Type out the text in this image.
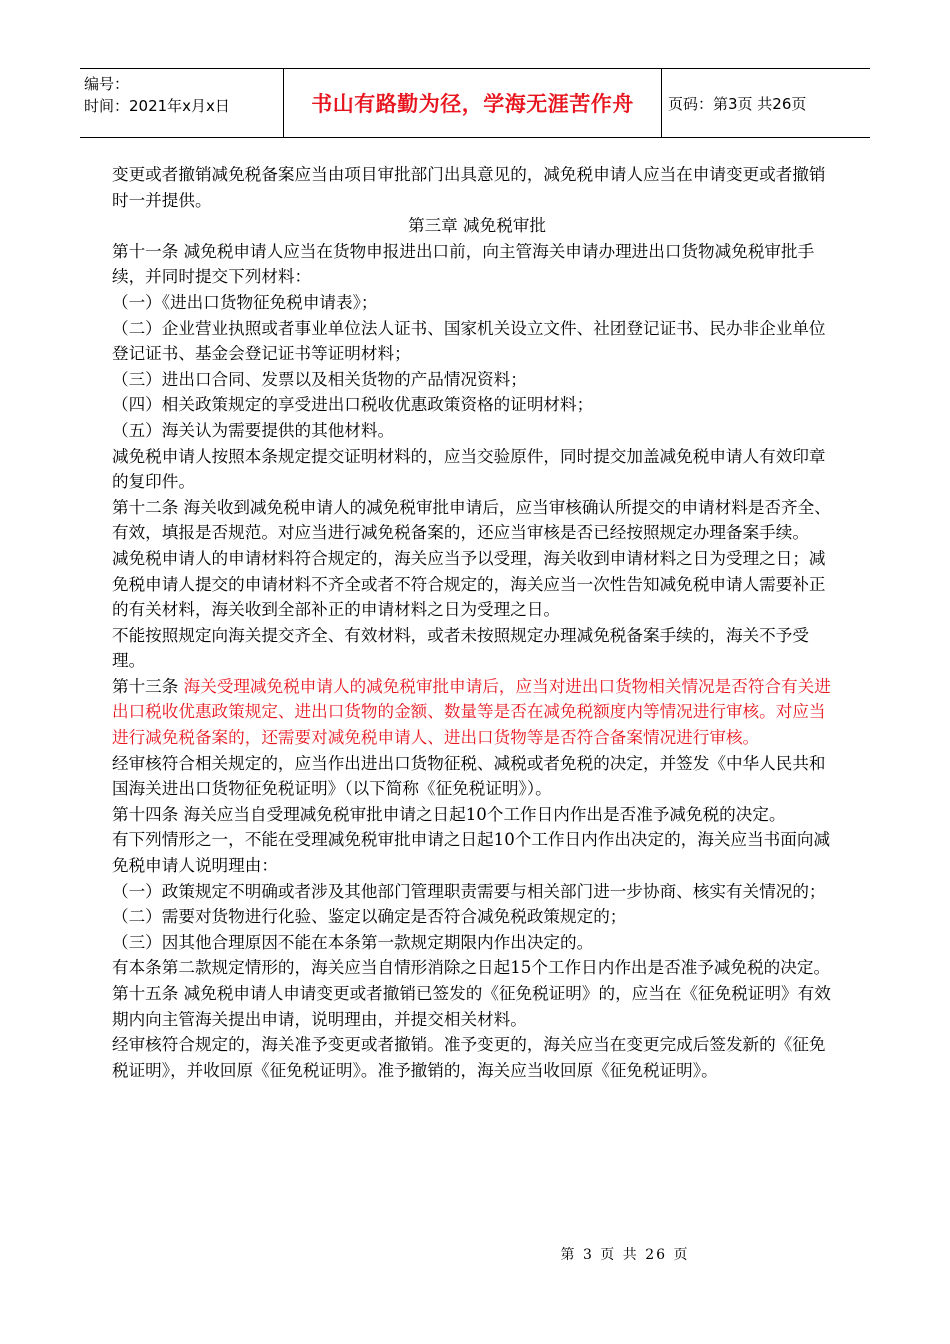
编号：
时间：2021年x月x日	书山有路勤为径，学海无涯苦作舟	页码：第3页 共26页

变更或者撤销减免税备案应当由项目审批部门出具意见的，减免税申请人应当在申请变更或者撤销时一并提供。

第三章 减免税审批

第十一条 减免税申请人应当在货物申报进出口前，向主管海关申请办理进出口货物减免税审批手续，并同时提交下列材料：

（一）《进出口货物征免税申请表》；

（二）企业营业执照或者事业单位法人证书、国家机关设立文件、社团登记证书、民办非企业单位登记证书、基金会登记证书等证明材料；

（三）进出口合同、发票以及相关货物的产品情况资料；

（四）相关政策规定的享受进出口税收优惠政策资格的证明材料；

（五）海关认为需要提供的其他材料。

减免税申请人按照本条规定提交证明材料的，应当交验原件，同时提交加盖减免税申请人有效印章的复印件。

第十二条 海关收到减免税申请人的减免税审批申请后，应当审核确认所提交的申请材料是否齐全、有效，填报是否规范。对应当进行减免税备案的，还应当审核是否已经按照规定办理备案手续。

减免税申请人的申请材料符合规定的，海关应当予以受理，海关收到申请材料之日为受理之日；减免税申请人提交的申请材料不齐全或者不符合规定的，海关应当一次性告知减免税申请人需要补正的有关材料，海关收到全部补正的申请材料之日为受理之日。

不能按照规定向海关提交齐全、有效材料，或者未按照规定办理减免税备案手续的，海关不予受理。

第十三条 海关受理减免税申请人的减免税审批申请后，应当对进出口货物相关情况是否符合有关进出口税收优惠政策规定、进出口货物的金额、数量等是否在减免税额度内等情况进行审核。对应当进行减免税备案的，还需要对减免税申请人、进出口货物等是否符合备案情况进行审核。

经审核符合相关规定的，应当作出进出口货物征税、减税或者免税的决定，并签发《中华人民共和国海关进出口货物征免税证明》（以下简称《征免税证明》）。

第十四条 海关应当自受理减免税审批申请之日起10个工作日内作出是否准予减免税的决定。

有下列情形之一，不能在受理减免税审批申请之日起10个工作日内作出决定的，海关应当书面向减免税申请人说明理由：

（一）政策规定不明确或者涉及其他部门管理职责需要与相关部门进一步协商、核实有关情况的；

（二）需要对货物进行化验、鉴定以确定是否符合减免税政策规定的；

（三）因其他合理原因不能在本条第一款规定期限内作出决定的。

有本条第二款规定情形的，海关应当自情形消除之日起15个工作日内作出是否准予减免税的决定。

第十五条 减免税申请人申请变更或者撤销已签发的《征免税证明》的，应当在《征免税证明》有效期内向主管海关提出申请，说明理由，并提交相关材料。

经审核符合规定的，海关准予变更或者撤销。准予变更的，海关应当在变更完成后签发新的《征免税证明》，并收回原《征免税证明》。准予撤销的，海关应当收回原《征免税证明》。

第 3 页 共 26 页
